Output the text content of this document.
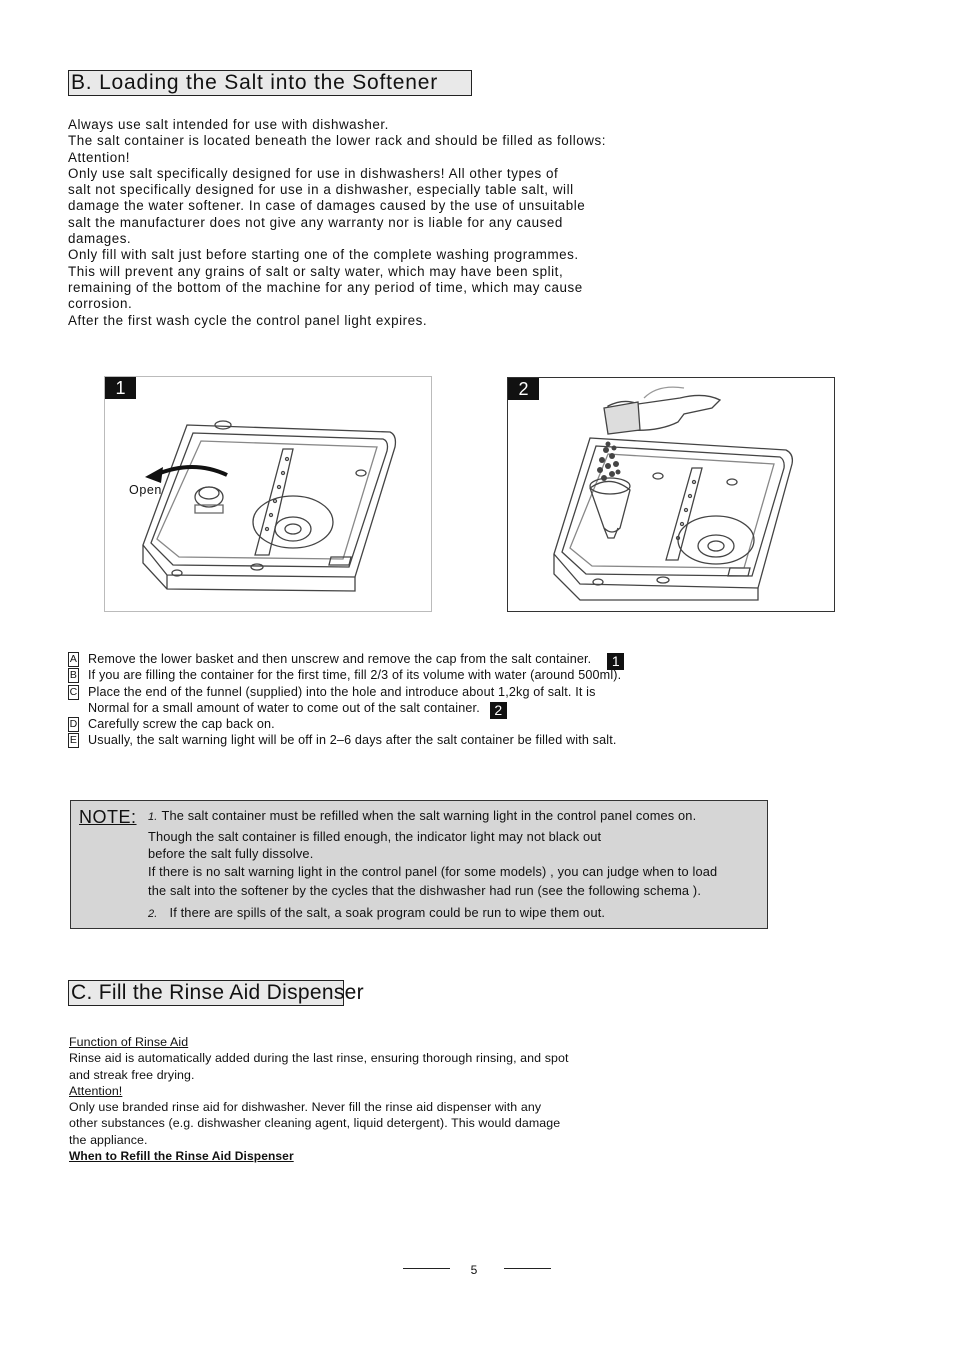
B. Loading the Salt into the Softener
Always use salt intended for use with dishwasher.
The salt container is located beneath the lower rack and should be filled as follows:
Attention!
Only use salt specifically designed for use in dishwashers! All other types of
salt not specifically designed for use in a dishwasher, especially table salt, will
damage the water softener. In case of damages caused by the use of unsuitable
salt the manufacturer does not give any warranty nor is liable for any caused
damages.
Only fill with salt just before starting one of the complete washing programmes.
This will prevent any grains of salt or salty water, which may have been split,
remaining of the bottom of the machine for any period of time, which may cause
corrosion.
After the first wash cycle the control panel light expires.
1
Open
2
A Remove the lower basket and then unscrew and remove the cap from the salt container. 1
B If you are filling the container for the first time, fill 2/3 of its volume with water (around 500ml).
C Place the end of the funnel (supplied) into the hole and introduce about 1,2kg of salt. It is
Normal for a small amount of water to come out of the salt container. 2
D Carefully screw the cap back on.
E Usually, the salt warning light will be off in 2–6 days after the salt container be filled with salt.
NOTE: 1. The salt container must be refilled when the salt warning light in the control panel comes on.
Though the salt container is filled enough, the indicator light may not black out
before the salt fully dissolve.
If there is no salt warning light in the control panel (for some models) , you can judge when to load
the salt into the softener by the cycles that the dishwasher had run (see the following schema ).
2. If there are spills of the salt, a soak program could be run to wipe them out.
C. Fill the Rinse Aid Dispenser
Function of Rinse Aid
Rinse aid is automatically added during the last rinse, ensuring thorough rinsing, and spot
and streak free drying.
Attention!
Only use branded rinse aid for dishwasher. Never fill the rinse aid dispenser with any
other substances (e.g. dishwasher cleaning agent, liquid detergent). This would damage
the appliance.
When to Refill the Rinse Aid Dispenser
5
